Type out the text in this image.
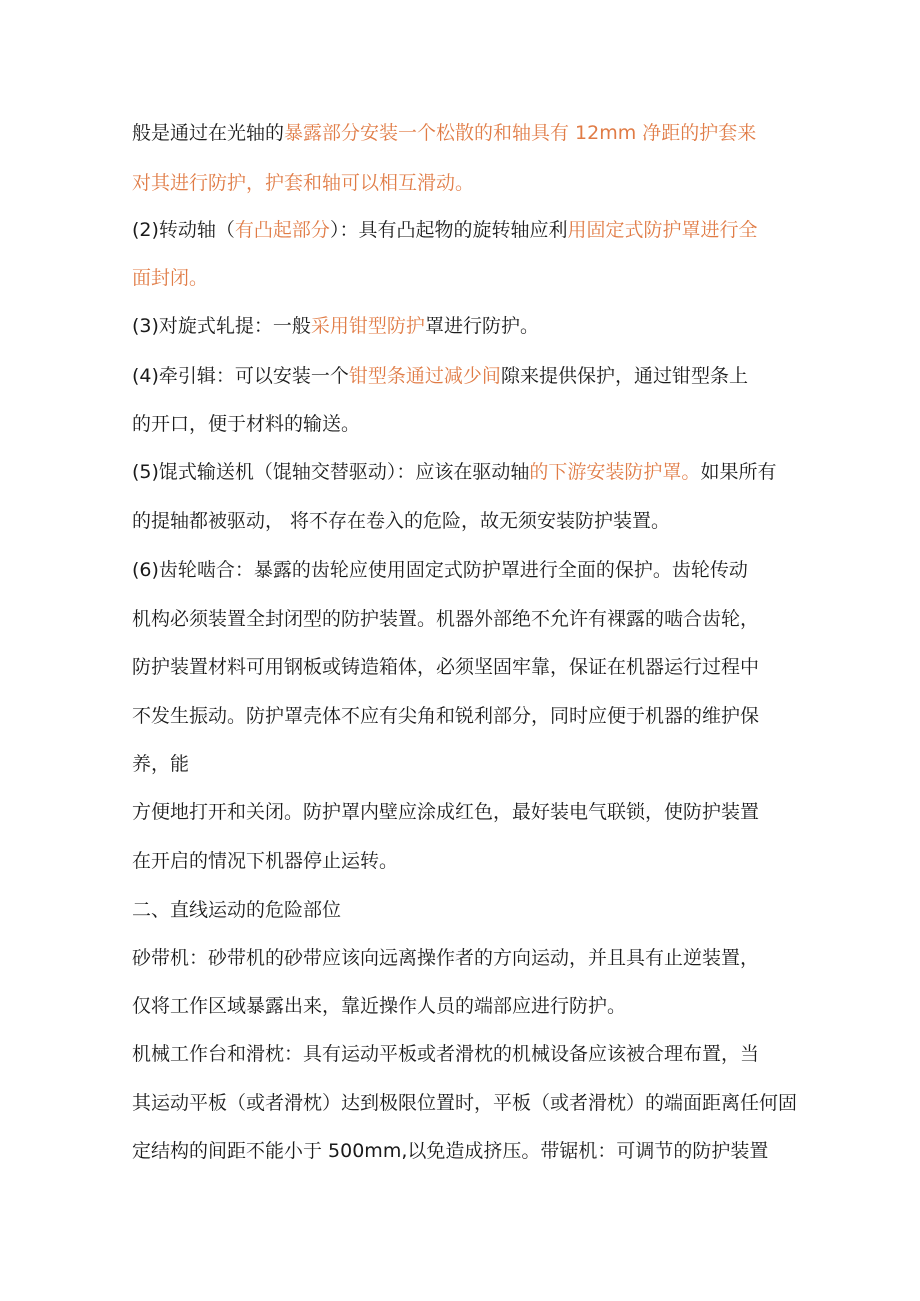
般是通过在光轴的暴露部分安装一个松散的和轴具有 12mm 净距的护套来
对其进行防护，护套和轴可以相互滑动。
(2)转动轴（有凸起部分）：具有凸起物的旋转轴应利用固定式防护罩进行全
面封闭。
(3)对旋式轧提：一般采用钳型防护罩进行防护。
(4)牵引辑：可以安装一个钳型条通过减少间隙来提供保护，通过钳型条上
的开口，便于材料的输送。
(5)馄式输送机（馄轴交替驱动）：应该在驱动轴的下游安装防护罩。如果所有
的提轴都被驱动， 将不存在卷入的危险，故无须安装防护装置。
(6)齿轮啮合：暴露的齿轮应使用固定式防护罩进行全面的保护。齿轮传动
机构必须装置全封闭型的防护装置。机器外部绝不允许有裸露的啮合齿轮，
防护装置材料可用钢板或铸造箱体，必须坚固牢靠，保证在机器运行过程中
不发生振动。防护罩壳体不应有尖角和锐利部分，同时应便于机器的维护保
养，能
方便地打开和关闭。防护罩内壁应涂成红色，最好装电气联锁，使防护装置
在开启的情况下机器停止运转。
二、直线运动的危险部位
砂带机：砂带机的砂带应该向远离操作者的方向运动，并且具有止逆装置，
仅将工作区域暴露出来，靠近操作人员的端部应进行防护。
机械工作台和滑枕：具有运动平板或者滑枕的机械设备应该被合理布置，当
其运动平板（或者滑枕）达到极限位置时，平板（或者滑枕）的端面距离任何固
定结构的间距不能小于 500mm,以免造成挤压。带锯机：可调节的防护装置
